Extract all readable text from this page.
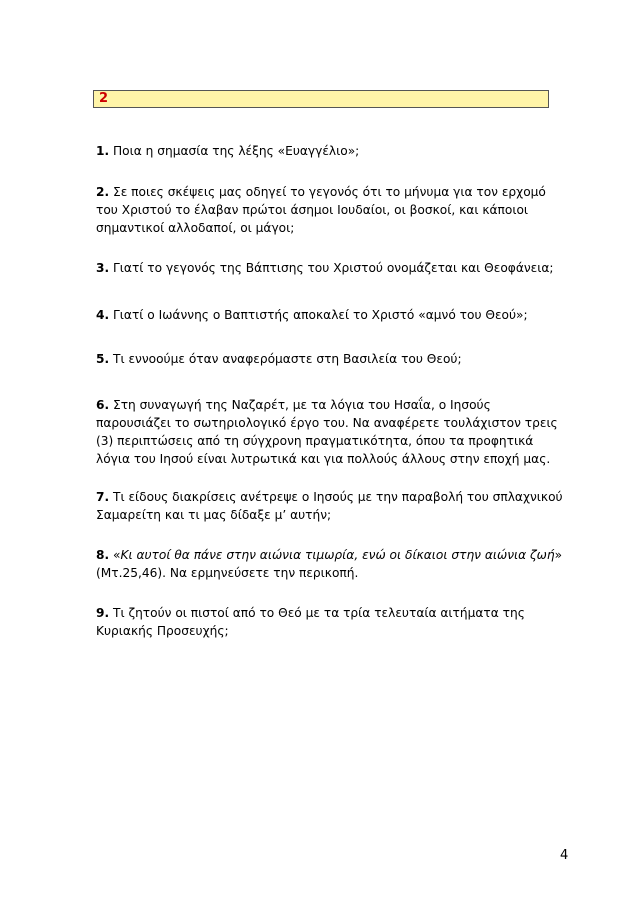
2
1. Ποια η σημασία της λέξης «Ευαγγέλιο»;
2. Σε ποιες σκέψεις μας οδηγεί το γεγονός ότι το μήνυμα για τον ερχομό του Χριστού το έλαβαν πρώτοι άσημοι Ιουδαίοι, οι βοσκοί, και κάποιοι σημαντικοί αλλοδαποί, οι μάγοι;
3. Γιατί το γεγονός της Βάπτισης του Χριστού ονομάζεται και Θεοφάνεια;
4. Γιατί ο Ιωάννης ο Βαπτιστής αποκαλεί το Χριστό «αμνό του Θεού»;
5. Τι εννοούμε όταν αναφερόμαστε στη Βασιλεία του Θεού;
6. Στη συναγωγή της Ναζαρέτ, με τα λόγια του Ησαΐα, ο Ιησούς παρουσιάζει το σωτηριολογικό έργο του. Να αναφέρετε τουλάχιστον τρεις (3) περιπτώσεις από τη σύγχρονη πραγματικότητα, όπου τα προφητικά λόγια του Ιησού είναι λυτρωτικά και για πολλούς άλλους στην εποχή μας.
7. Τι είδους διακρίσεις ανέτρεψε ο Ιησούς με την παραβολή του σπλαχνικού Σαμαρείτη και τι μας δίδαξε μ’ αυτήν;
8. «Κι αυτοί θα πάνε στην αιώνια τιμωρία, ενώ οι δίκαιοι στην αιώνια ζωή»
(Μτ.25,46). Να ερμηνεύσετε την περικοπή.
9. Τι ζητούν οι πιστοί από το Θεό με τα τρία τελευταία αιτήματα της Κυριακής Προσευχής;
4
